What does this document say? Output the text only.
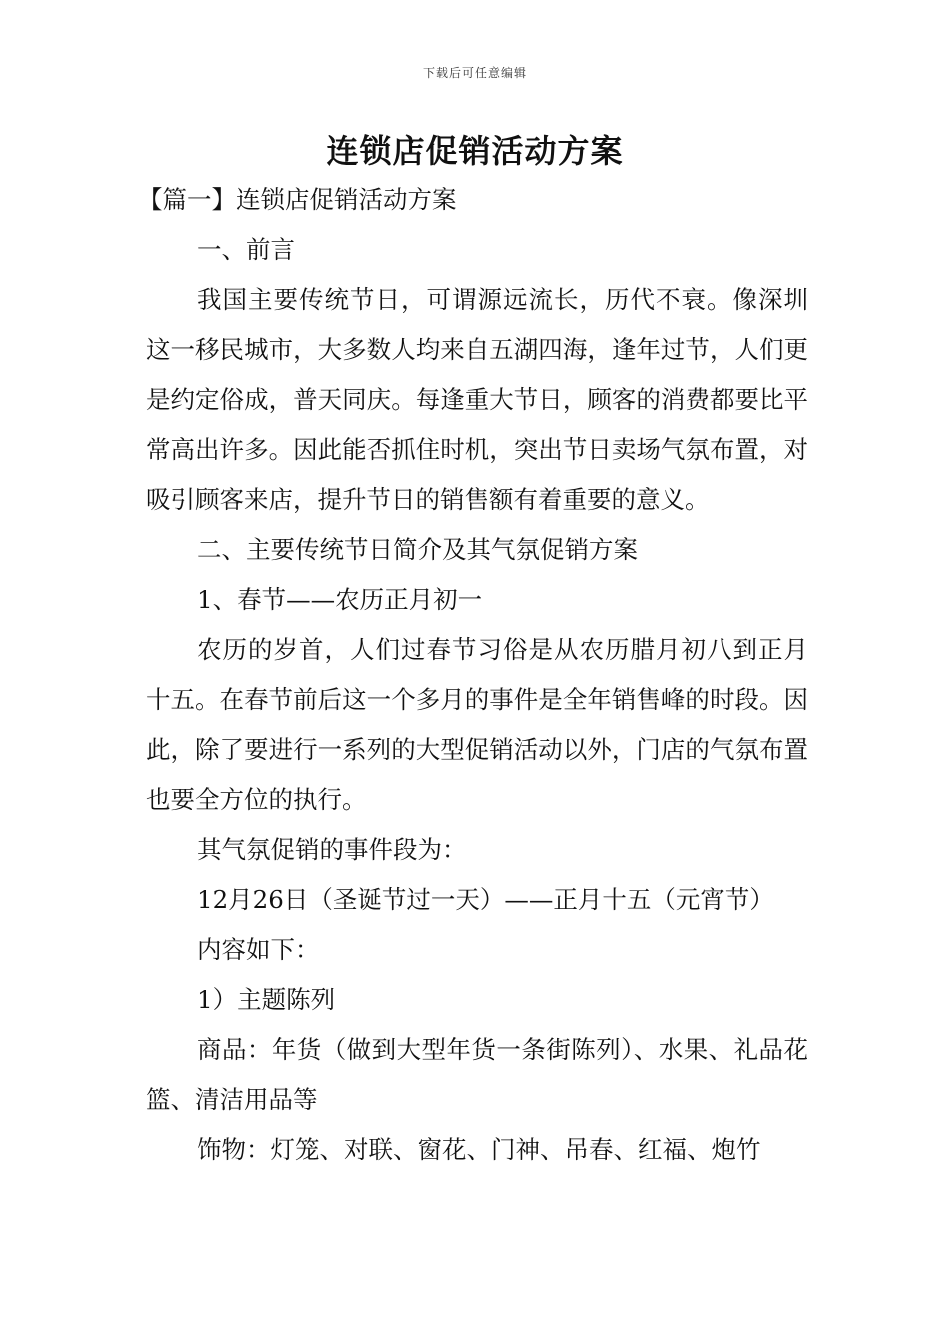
下载后可任意编辑
连锁店促销活动方案

【篇一】连锁店促销活动方案

一、前言

我国主要传统节日，可谓源远流长，历代不衰。像深圳这一移民城市，大多数人均来自五湖四海，逢年过节，人们更是约定俗成，普天同庆。每逢重大节日，顾客的消费都要比平常高出许多。因此能否抓住时机，突出节日卖场气氛布置，对吸引顾客来店，提升节日的销售额有着重要的意义。

二、主要传统节日简介及其气氛促销方案

1、春节——农历正月初一

农历的岁首，人们过春节习俗是从农历腊月初八到正月十五。在春节前后这一个多月的事件是全年销售峰的时段。因此，除了要进行一系列的大型促销活动以外，门店的气氛布置也要全方位的执行。

其气氛促销的事件段为：

12月26日（圣诞节过一天）——正月十五（元宵节）

内容如下：

1）主题陈列

商品：年货（做到大型年货一条街陈列）、水果、礼品花篮、清洁用品等

饰物：灯笼、对联、窗花、门神、吊春、红福、炮竹
